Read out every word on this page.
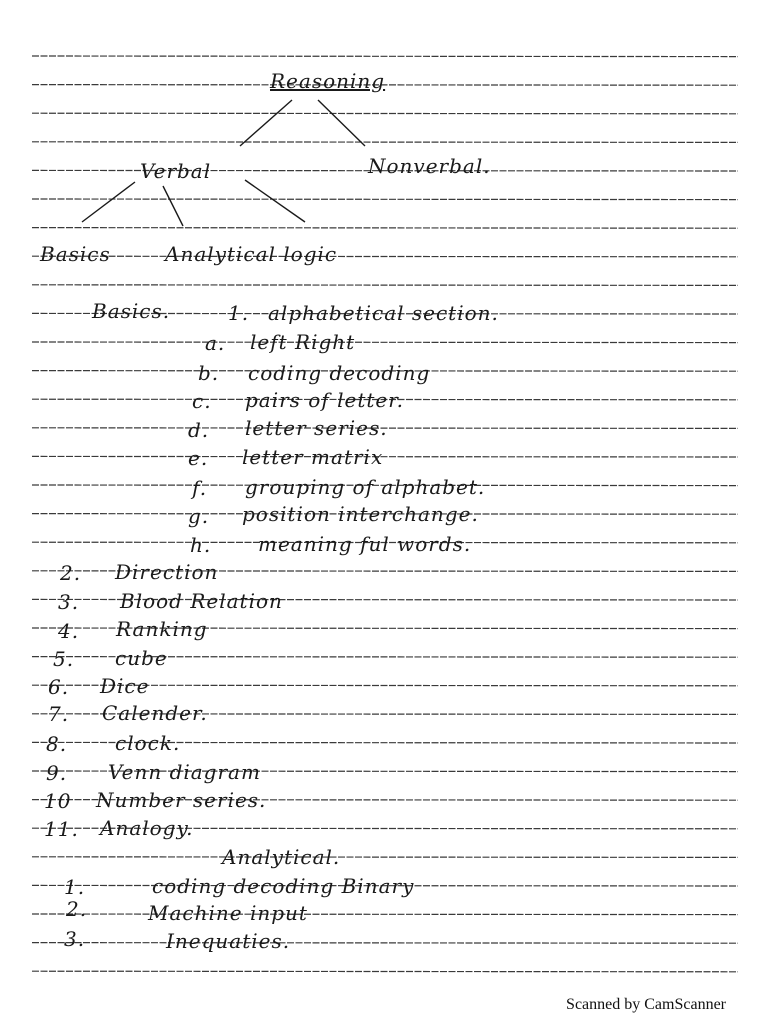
Reasoning
Verbal	Nonverbal.
Basics	Analytical logic
Basics.	1. alphabetical section.
a. left Right
b. coding decoding
c. pairs of letter.
d. letter series.
e. letter matrix
f. grouping of alphabet.
g. position interchange.
h. meaning ful words.
2. Direction
3. Blood Relation
4. Ranking
5. cube
6. Dice
7. Calender.
8. clock.
9. Venn diagram
10 Number series.
11. Analogy.
Analytical.
1.	coding decoding Binary
2.	Machine input
3.	Inequaties.
Scanned by CamScanner
